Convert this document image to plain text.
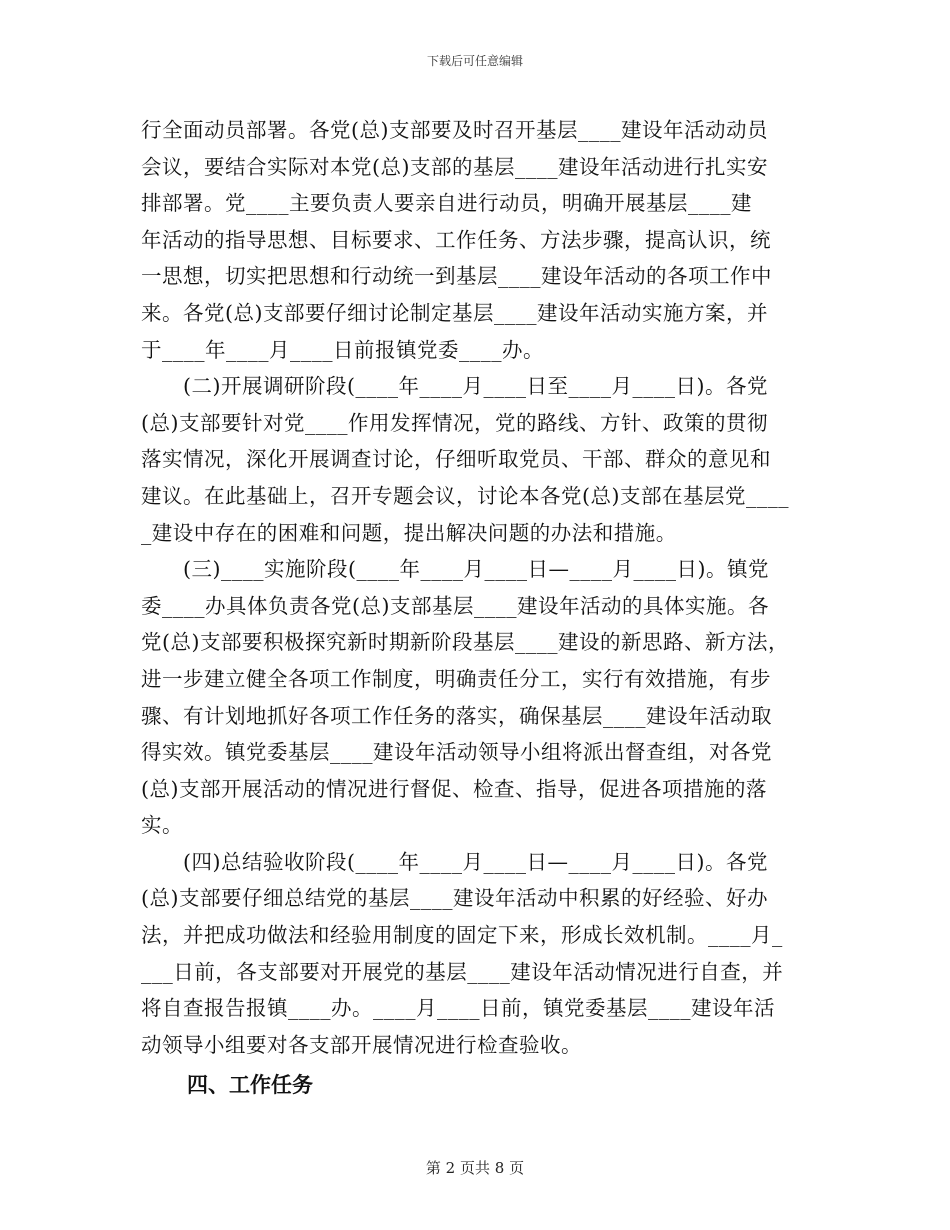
下载后可任意编辑
行全面动员部署。各党(总)支部要及时召开基层____建设年活动动员
会议，要结合实际对本党(总)支部的基层____建设年活动进行扎实安
排部署。党____主要负责人要亲自进行动员，明确开展基层____建
年活动的指导思想、目标要求、工作任务、方法步骤，提高认识，统
一思想，切实把思想和行动统一到基层____建设年活动的各项工作中
来。各党(总)支部要仔细讨论制定基层____建设年活动实施方案，并
于____年____月____日前报镇党委____办。
(二)开展调研阶段(____年____月____日至____月____日)。各党
(总)支部要针对党____作用发挥情况，党的路线、方针、政策的贯彻
落实情况，深化开展调查讨论，仔细听取党员、干部、群众的意见和
建议。在此基础上，召开专题会议，讨论本各党(总)支部在基层党____
_建设中存在的困难和问题，提出解决问题的办法和措施。
(三)____实施阶段(____年____月____日—____月____日)。镇党
委____办具体负责各党(总)支部基层____建设年活动的具体实施。各
党(总)支部要积极探究新时期新阶段基层____建设的新思路、新方法，
进一步建立健全各项工作制度，明确责任分工，实行有效措施，有步
骤、有计划地抓好各项工作任务的落实，确保基层____建设年活动取
得实效。镇党委基层____建设年活动领导小组将派出督查组，对各党
(总)支部开展活动的情况进行督促、检查、指导，促进各项措施的落
实。
(四)总结验收阶段(____年____月____日—____月____日)。各党
(总)支部要仔细总结党的基层____建设年活动中积累的好经验、好办
法，并把成功做法和经验用制度的固定下来，形成长效机制。____月_
___日前，各支部要对开展党的基层____建设年活动情况进行自查，并
将自查报告报镇____办。____月____日前，镇党委基层____建设年活
动领导小组要对各支部开展情况进行检查验收。
四、工作任务
第 2 页共 8 页
